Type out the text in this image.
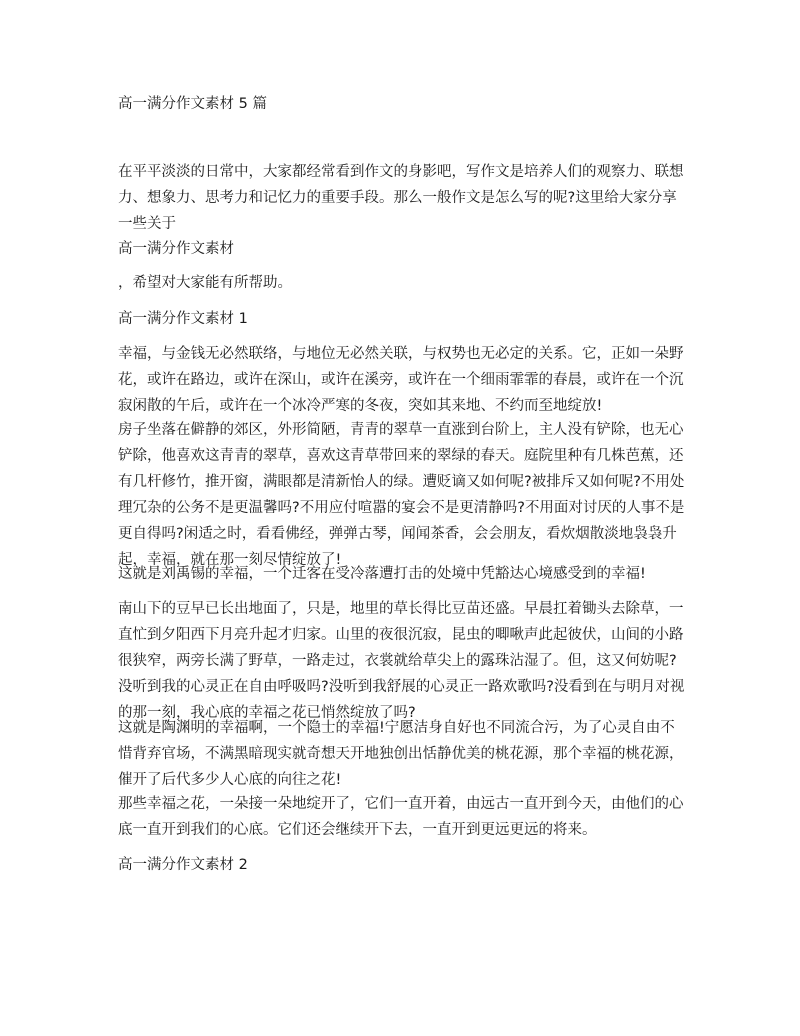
高一满分作文素材 5 篇

在平平淡淡的日常中，大家都经常看到作文的身影吧，写作文是培养人们的观察力、联想

力、想象力、思考力和记忆力的重要手段。那么一般作文是怎么写的呢?这里给大家分享

一些关于

高一满分作文素材

，希望对大家能有所帮助。

高一满分作文素材 1

幸福，与金钱无必然联络，与地位无必然关联，与权势也无必定的关系。它，正如一朵野

花，或许在路边，或许在深山，或许在溪旁，或许在一个细雨霏霏的春晨，或许在一个沉

寂闲散的午后，或许在一个冰冷严寒的冬夜，突如其来地、不约而至地绽放!

房子坐落在僻静的郊区，外形简陋，青青的翠草一直涨到台阶上，主人没有铲除，也无心

铲除，他喜欢这青青的翠草，喜欢这青草带回来的翠绿的春天。庭院里种有几株芭蕉，还

有几杆修竹，推开窗，满眼都是清新怡人的绿。遭贬谪又如何呢?被排斥又如何呢?不用处

理冗杂的公务不是更温馨吗?不用应付喧嚣的宴会不是更清静吗?不用面对讨厌的人事不是

更自得吗?闲适之时，看看佛经，弹弹古琴，闻闻茶香，会会朋友，看炊烟散淡地袅袅升

起，幸福，就在那一刻尽情绽放了!

这就是刘禹锡的幸福，一个迁客在受冷落遭打击的处境中凭豁达心境感受到的幸福!

南山下的豆早已长出地面了，只是，地里的草长得比豆苗还盛。早晨扛着锄头去除草，一

直忙到夕阳西下月亮升起才归家。山里的夜很沉寂，昆虫的唧啾声此起彼伏，山间的小路

很狭窄，两旁长满了野草，一路走过，衣裳就给草尖上的露珠沾湿了。但，这又何妨呢?

没听到我的心灵正在自由呼吸吗?没听到我舒展的心灵正一路欢歌吗?没看到在与明月对视

的那一刻，我心底的幸福之花已悄然绽放了吗?

这就是陶渊明的幸福啊，一个隐士的幸福!宁愿洁身自好也不同流合污，为了心灵自由不

惜背弃官场，不满黑暗现实就奇想天开地独创出恬静优美的桃花源，那个幸福的桃花源，

催开了后代多少人心底的向往之花!

那些幸福之花，一朵接一朵地绽开了，它们一直开着，由远古一直开到今天，由他们的心

底一直开到我们的心底。它们还会继续开下去，一直开到更远更远的将来。

高一满分作文素材 2
